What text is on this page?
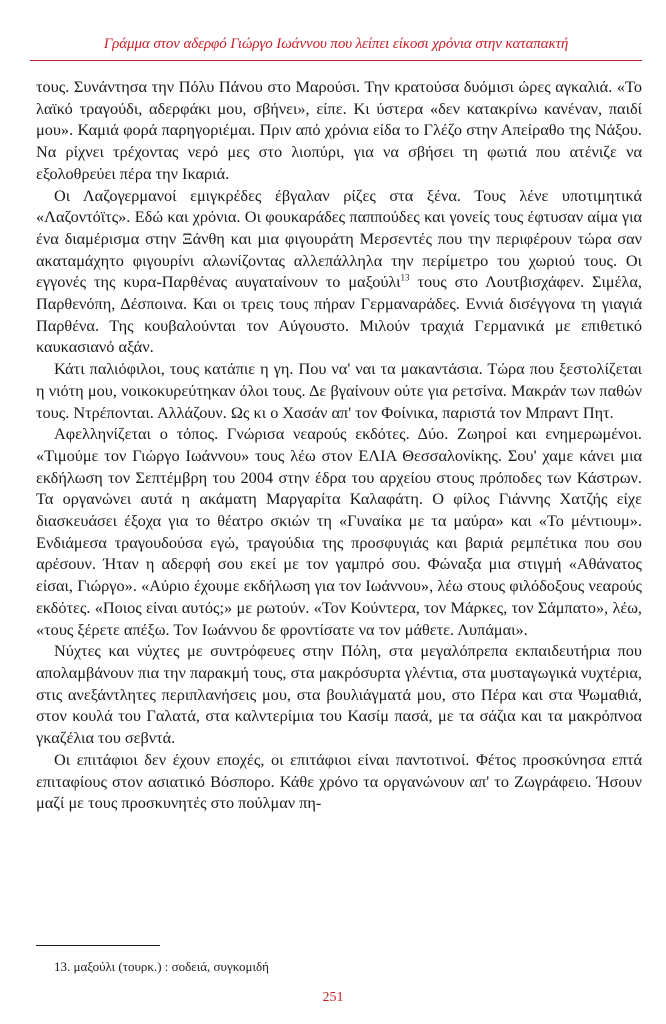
Γράμμα στον αδερφό Γιώργο Ιωάννου που λείπει είκοσι χρόνια στην καταπακτή

τους. Συνάντησα την Πόλυ Πάνου στο Μαρούσι. Την κρατούσα δυόμισι ώρες αγκαλιά. «Το λαϊκό τραγούδι, αδερφάκι μου, σβήνει», είπε. Κι ύστερα «δεν κατακρίνω κανέναν, παιδί μου». Καμιά φορά παρηγοριέμαι. Πριν από χρόνια είδα το Γλέζο στην Απείραθο της Νάξου. Να ρίχνει τρέχοντας νερό μες στο λιοπύρι, για να σβήσει τη φωτιά που ατένιζε να εξολοθρεύει πέρα την Ικαριά.

Οι Λαζογερμανοί εμιγκρέδες έβγαλαν ρίζες στα ξένα. Τους λένε υποτιμητικά «Λαζοντόϊτς». Εδώ και χρόνια. Οι φουκαράδες παππούδες και γονείς τους έφτυσαν αίμα για ένα διαμέρισμα στην Ξάνθη και μια φιγουράτη Μερσεντές που την περιφέρουν τώρα σαν ακαταμάχητο φιγουρίνι αλωνίζοντας αλλεπάλληλα την περίμετρο του χωριού τους. Οι εγγονές της κυρα-Παρθένας αυγαταίνουν το μαξούλι$^{13}$ τους στο Λουτβισχάφεν. Σιμέλα, Παρθενόπη, Δέσποινα. Και οι τρεις τους πήραν Γερμαναράδες. Εννιά δισέγγονα τη γιαγιά Παρθένα. Της κουβαλούνται τον Αύγουστο. Μιλούν τραχιά Γερμανικά με επιθετικό καυκασιανό αξάν.

Κάτι παλιόφιλοι, τους κατάπιε η γη. Που να' ναι τα μακαντάσια. Τώρα που ξεστολίζεται η νιότη μου, νοικοκυρεύτηκαν όλοι τους. Δε βγαίνουν ούτε για ρετσίνα. Μακράν των παθών τους. Ντρέπονται. Αλλάζουν. Ως κι ο Χασάν απ' τον Φοίνικα, παριστά τον Μπραντ Πητ.

Αφελληνίζεται ο τόπος. Γνώρισα νεαρούς εκδότες. Δύο. Ζωηροί και ενημερωμένοι. «Τιμούμε τον Γιώργο Ιωάννου» τους λέω στον ΕΛΙΑ Θεσσαλονίκης. Σου' χαμε κάνει μια εκδήλωση τον Σεπτέμβρη του 2004 στην έδρα του αρχείου στους πρόποδες των Κάστρων. Τα οργανώνει αυτά η ακάματη Μαργαρίτα Καλαφάτη. Ο φίλος Γιάννης Χατζής είχε διασκευάσει έξοχα για το θέατρο σκιών τη «Γυναίκα με τα μαύρα» και «Το μέντιουμ». Ενδιάμεσα τραγουδούσα εγώ, τραγούδια της προσφυγιάς και βαριά ρεμπέτικα που σου αρέσουν. Ήταν η αδερφή σου εκεί με τον γαμπρό σου. Φώναξα μια στιγμή «Αθάνατος είσαι, Γιώργο». «Αύριο έχουμε εκδήλωση για τον Ιωάννου», λέω στους φιλόδοξους νεαρούς εκδότες. «Ποιος είναι αυτός;» με ρωτούν. «Τον Κούντερα, τον Μάρκες, τον Σάμπατο», λέω, «τους ξέρετε απέξω. Τον Ιωάννου δε φροντίσατε να τον μάθετε. Λυπάμαι».

Νύχτες και νύχτες με συντρόφευες στην Πόλη, στα μεγαλόπρεπα εκπαιδευτήρια που απολαμβάνουν πια την παρακμή τους, στα μακρόσυρτα γλέντια, στα μυσταγωγικά νυχτέρια, στις ανεξάντλητες περιπλανήσεις μου, στα βουλιάγματά μου, στο Πέρα και στα Ψωμαθιά, στον κουλά του Γαλατά, στα καλντερίμια του Κασίμ πασά, με τα σάζια και τα μακρόπνοα γκαζέλια του σεβντά.

Οι επιτάφιοι δεν έχουν εποχές, οι επιτάφιοι είναι παντοτινοί. Φέτος προσκύνησα επτά επιταφίους στον ασιατικό Βόσπορο. Κάθε χρόνο τα οργανώνουν απ' το Ζωγράφειο. Ήσουν μαζί με τους προσκυνητές στο πούλμαν πη-

13. μαξούλι (τουρκ.) : σοδειά, συγκομιδή
251
